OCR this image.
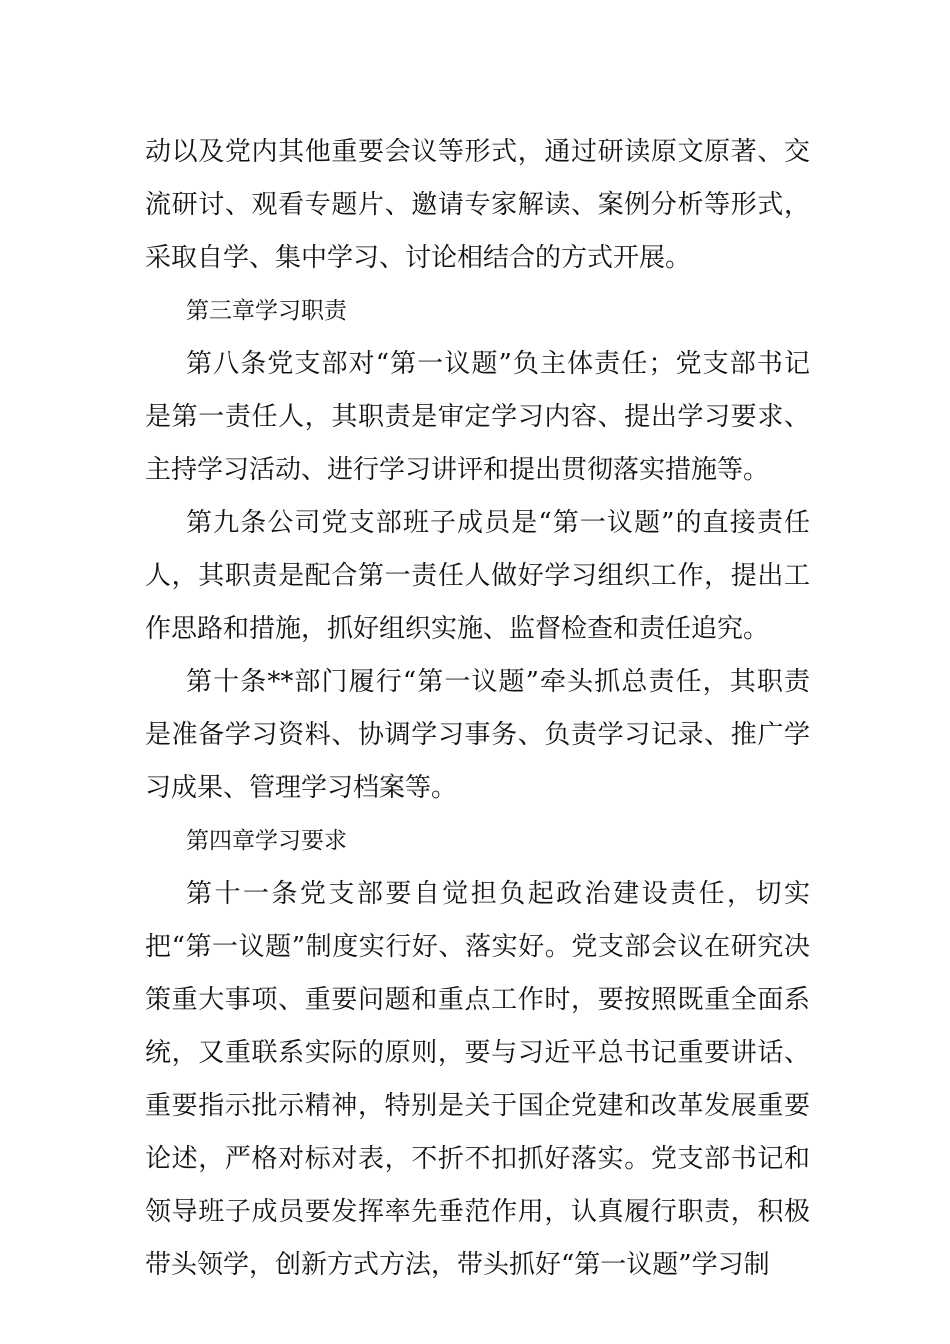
动以及党内其他重要会议等形式，通过研读原文原著、交流研讨、观看专题片、邀请专家解读、案例分析等形式，采取自学、集中学习、讨论相结合的方式开展。

第三章学习职责

第八条党支部对“第一议题”负主体责任；党支部书记是第一责任人，其职责是审定学习内容、提出学习要求、主持学习活动、进行学习讲评和提出贯彻落实措施等。

第九条公司党支部班子成员是“第一议题”的直接责任人，其职责是配合第一责任人做好学习组织工作，提出工作思路和措施，抓好组织实施、监督检查和责任追究。

第十条**部门履行“第一议题”牵头抓总责任，其职责是准备学习资料、协调学习事务、负责学习记录、推广学习成果、管理学习档案等。

第四章学习要求

第十一条党支部要自觉担负起政治建设责任，切实把“第一议题”制度实行好、落实好。党支部会议在研究决策重大事项、重要问题和重点工作时，要按照既重全面系统，又重联系实际的原则，要与习近平总书记重要讲话、重要指示批示精神，特别是关于国企党建和改革发展重要论述，严格对标对表，不折不扣抓好落实。党支部书记和领导班子成员要发挥率先垂范作用，认真履行职责，积极带头领学，创新方式方法，带头抓好“第一议题”学习制
